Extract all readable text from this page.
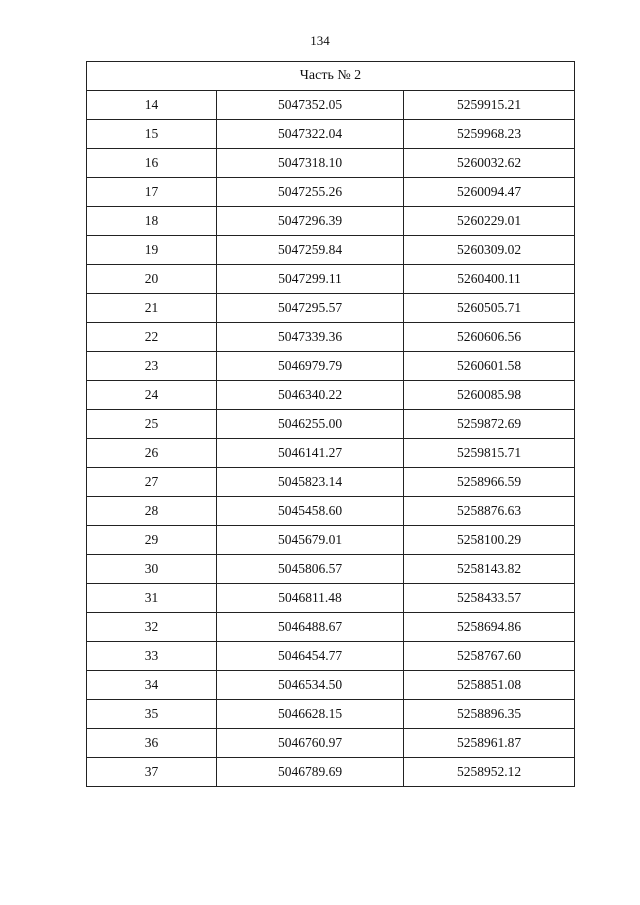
134
Часть № 2		
14	5047352.05	5259915.21
15	5047322.04	5259968.23
16	5047318.10	5260032.62
17	5047255.26	5260094.47
18	5047296.39	5260229.01
19	5047259.84	5260309.02
20	5047299.11	5260400.11
21	5047295.57	5260505.71
22	5047339.36	5260606.56
23	5046979.79	5260601.58
24	5046340.22	5260085.98
25	5046255.00	5259872.69
26	5046141.27	5259815.71
27	5045823.14	5258966.59
28	5045458.60	5258876.63
29	5045679.01	5258100.29
30	5045806.57	5258143.82
31	5046811.48	5258433.57
32	5046488.67	5258694.86
33	5046454.77	5258767.60
34	5046534.50	5258851.08
35	5046628.15	5258896.35
36	5046760.97	5258961.87
37	5046789.69	5258952.12
